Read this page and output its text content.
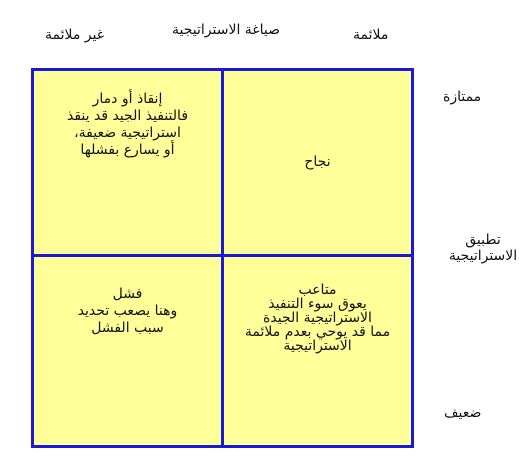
ملائمة
صياغة الاستراتيجية
غير ملائمة
ممتازة
تطبيق
الاستراتيجية
ضعيف
نجاح
إنقاذ أو دمار
فالتنفيذ الجيد قد ينقذ
استراتيجية ضعيفة،
أو يسارع بفشلها
فشل
وهنا يصعب تحديد
سبب الفشل
متاعب
يعوق سوء التنفيذ
الاستراتيجية الجيدة
مما قد يوحي بعدم ملائمة
الاستراتيجية
